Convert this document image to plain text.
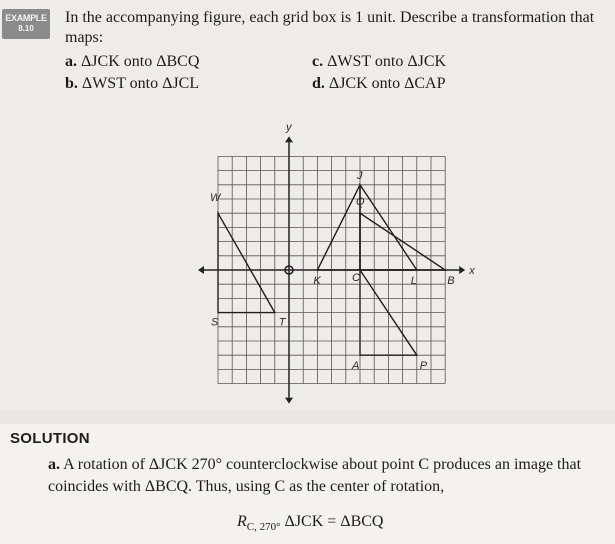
EXAMPLE
8.10
In the accompanying figure, each grid box is 1 unit. Describe a transformation that maps:
a. ΔJCK onto ΔBCQ
b. ΔWST onto ΔJCL
c. ΔWST onto ΔJCK
d. ΔJCK onto ΔCAP
x
y
W
S	T
K
J
Q
C	L	B
A	P
SOLUTION
a. A rotation of ΔJCK 270° counterclockwise about point C produces an image that coincides with ΔBCQ. Thus, using C as the center of rotation,
$R_{C, 270^\circ}$ ΔJCK = ΔBCQ
